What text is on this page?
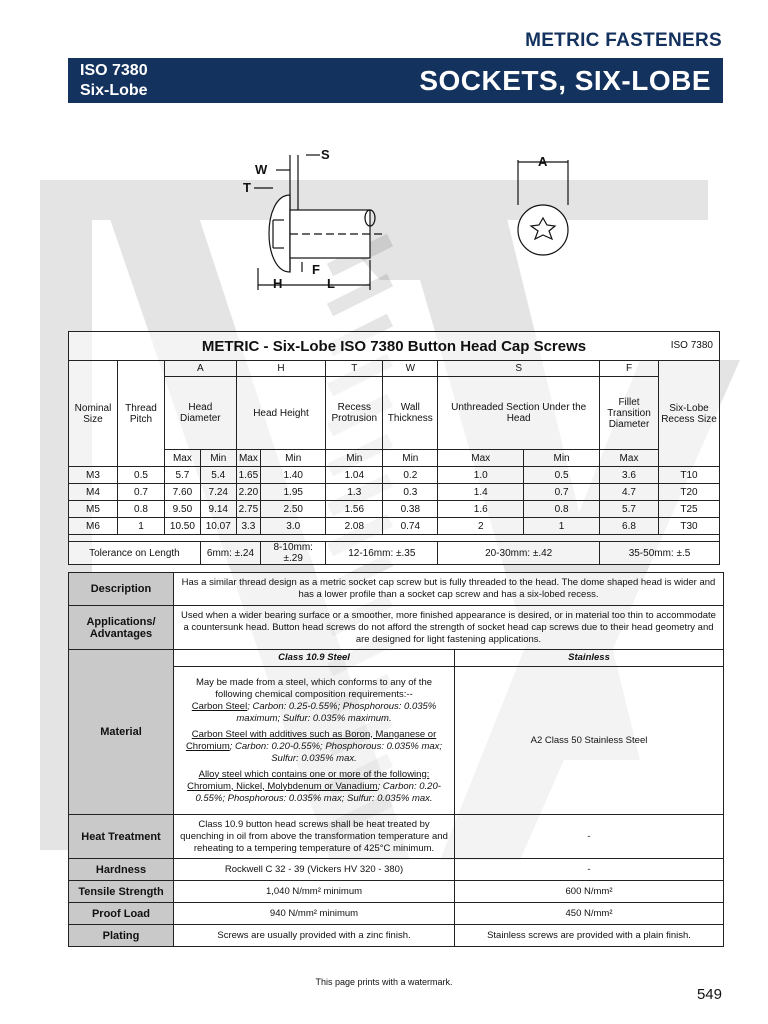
METRIC FASTENERS
ISO 7380
Six-Lobe	SOCKETS, SIX-LOBE
S
W
T
F
H	L
A
METRIC - Six-Lobe ISO 7380 Button Head Cap Screws ISO 7380											

Nominal Size	Thread Pitch	A		H		T	W	S		F	Six-Lobe Recess Size
		Head Diameter		Head Height		Recess Protrusion	Wall Thickness	Unthreaded Section Under the Head		Fillet Transition Diameter	
		Max	Min	Max	Min	Min	Min	Max	Min	Max	
M3	0.5	5.7	5.4	1.65	1.40	1.04	0.2	1.0	0.5	3.6	T10
M4	0.7	7.60	7.24	2.20	1.95	1.3	0.3	1.4	0.7	4.7	T20
M5	0.8	9.50	9.14	2.75	2.50	1.56	0.38	1.6	0.8	5.7	T25
M6	1	10.50	10.07	3.3	3.0	2.08	0.74	2	1	6.8	T30

Tolerance on Length			6mm: ±.24		8-10mm: ±.29	12-16mm: ±.35		20-30mm: ±.42		35-50mm: ±.5	
Description	Has a similar thread design as a metric socket cap screw but is fully threaded to the head. The dome shaped head is wider and has a lower profile than a socket cap screw and has a six-lobed recess.	
Applications/ Advantages	Used when a wider bearing surface or a smoother, more finished appearance is desired, or in material too thin to accommodate a countersunk head. Button head screws do not afford the strength of socket head cap screws due to their head geometry and are designed for light fastening applications.	
Material	Class 10.9 Steel	Stainless

	May be made from a steel, which conforms to any of the following chemical composition requirements:--
Carbon Steel; Carbon: 0.25-0.55%; Phosphorous: 0.035% maximum; Sulfur: 0.035% maximum.
Carbon Steel with additives such as Boron, Manganese or Chromium; Carbon: 0.20-0.55%; Phosphorous: 0.035% max; Sulfur: 0.035% max.
Alloy steel which contains one or more of the following: Chromium, Nickel, Molybdenum or Vanadium; Carbon: 0.20-0.55%; Phosphorous: 0.035% max; Sulfur: 0.035% max.	A2 Class 50 Stainless Steel
Heat Treatment	Class 10.9 button head screws shall be heat treated by quenching in oil from above the transformation temperature and reheating to a tempering temperature of 425°C minimum.	-
Hardness	Rockwell C 32 - 39 (Vickers HV 320 - 380)	-
Tensile Strength	1,040 N/mm² minimum	600 N/mm²
Proof Load	940 N/mm² minimum	450 N/mm²
Plating	Screws are usually provided with a zinc finish.	Stainless screws are provided with a plain finish.
This page prints with a watermark.
549
